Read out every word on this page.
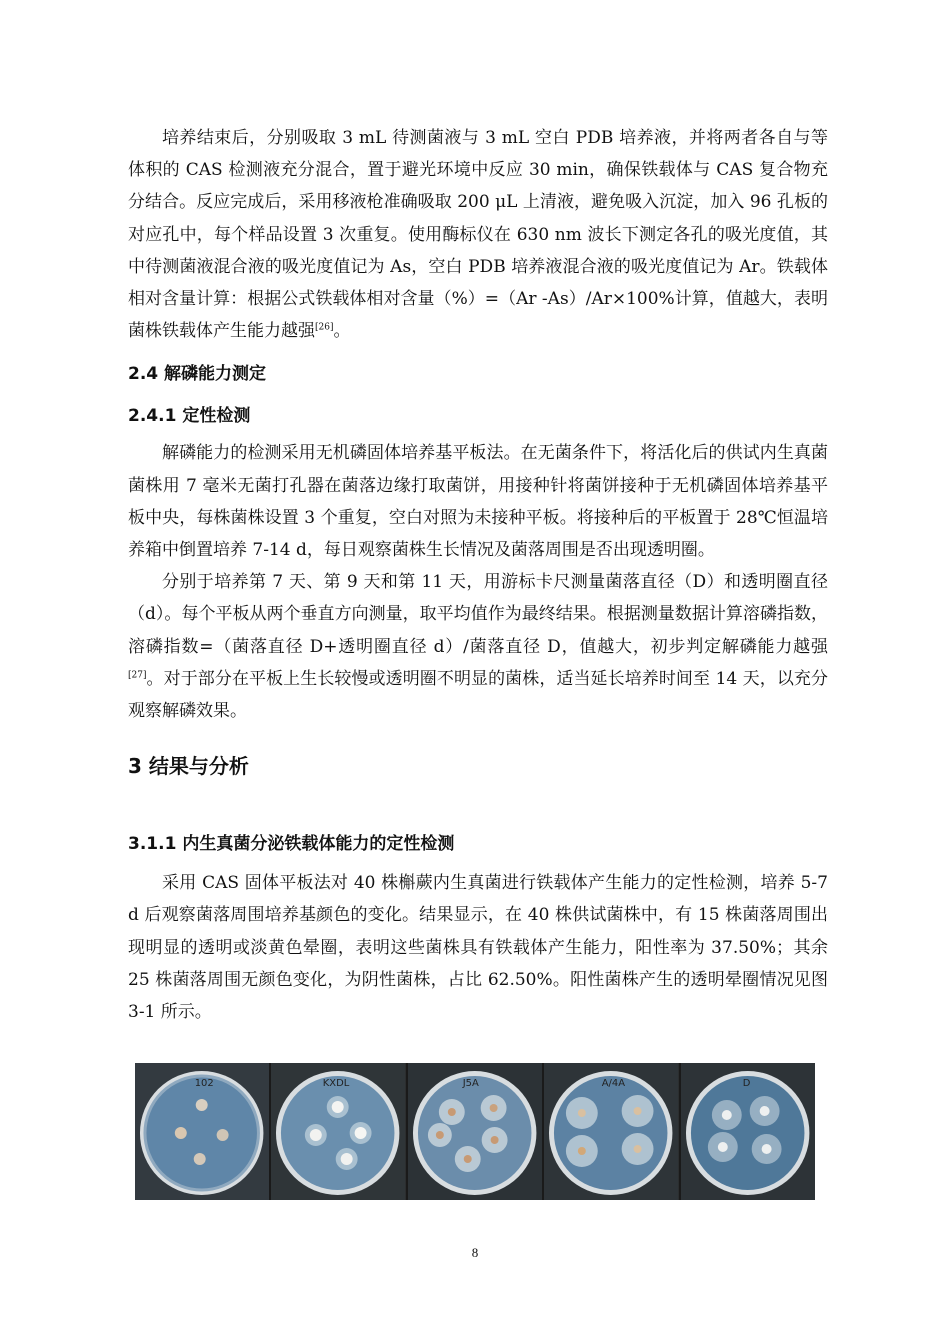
培养结束后，分别吸取 3 mL 待测菌液与 3 mL 空白 PDB 培养液，并将两者各自与等体积的 CAS 检测液充分混合，置于避光环境中反应 30 min，确保铁载体与 CAS 复合物充分结合。反应完成后，采用移液枪准确吸取 200 μL 上清液，避免吸入沉淀，加入 96 孔板的对应孔中，每个样品设置 3 次重复。使用酶标仪在 630 nm 波长下测定各孔的吸光度值，其中待测菌液混合液的吸光度值记为 As，空白 PDB 培养液混合液的吸光度值记为 Ar。铁载体相对含量计算：根据公式铁载体相对含量（%）=（Ar -As）/Ar×100%计算，值越大，表明菌株铁载体产生能力越强[26]。

2.4 解磷能力测定
2.4.1 定性检测

解磷能力的检测采用无机磷固体培养基平板法。在无菌条件下，将活化后的供试内生真菌菌株用 7 毫米无菌打孔器在菌落边缘打取菌饼，用接种针将菌饼接种于无机磷固体培养基平板中央，每株菌株设置 3 个重复，空白对照为未接种平板。将接种后的平板置于 28℃恒温培养箱中倒置培养 7-14 d，每日观察菌株生长情况及菌落周围是否出现透明圈。

分别于培养第 7 天、第 9 天和第 11 天，用游标卡尺测量菌落直径（D）和透明圈直径（d）。每个平板从两个垂直方向测量，取平均值作为最终结果。根据测量数据计算溶磷指数，溶磷指数=（菌落直径 D+透明圈直径 d）/菌落直径 D，值越大，初步判定解磷能力越强[27]。对于部分在平板上生长较慢或透明圈不明显的菌株，适当延长培养时间至 14 天，以充分观察解磷效果。

3 结果与分析
3.1.1 内生真菌分泌铁载体能力的定性检测

采用 CAS 固体平板法对 40 株槲蕨内生真菌进行铁载体产生能力的定性检测，培养 5-7 d 后观察菌落周围培养基颜色的变化。结果显示，在 40 株供试菌株中，有 15 株菌落周围出现明显的透明或淡黄色晕圈，表明这些菌株具有铁载体产生能力，阳性率为 37.50%；其余 25 株菌落周围无颜色变化，为阴性菌株，占比 62.50%。阳性菌株产生的透明晕圈情况见图 3-1 所示。

102	KXDL	J5A	A/4A	D
8
